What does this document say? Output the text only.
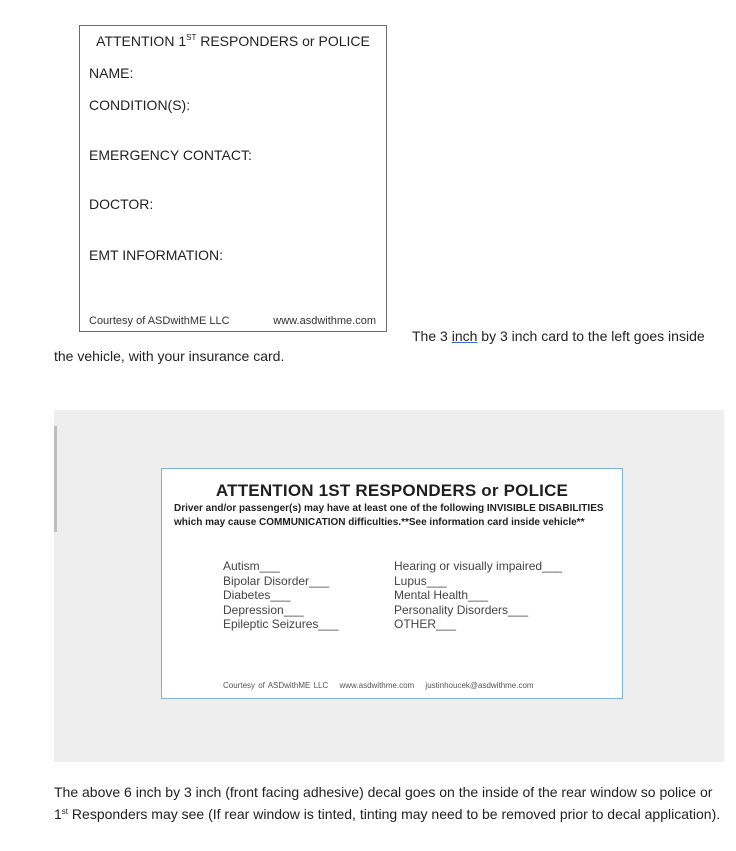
ATTENTION 1ST RESPONDERS or POLICE
NAME:
CONDITION(S):
EMERGENCY CONTACT:
DOCTOR:
EMT INFORMATION:
Courtesy of ASDwithME LLC	www.asdwithme.com
The 3 inch by 3 inch card to the left goes inside
the vehicle, with your insurance card.
ATTENTION 1ST RESPONDERS or POLICE
Driver and/or passenger(s) may have at least one of the following INVISIBLE DISABILITIES which may cause COMMUNICATION difficulties.**See information card inside vehicle**
Autism___
Bipolar Disorder___
Diabetes___
Depression___
Epileptic Seizures___
Hearing or visually impaired___
Lupus___
Mental Health___
Personality Disorders___
OTHER___
Courtesy of ASDwithME LLC www.asdwithme.com justinhoucek@asdwithme.com
The above 6 inch by 3 inch (front facing adhesive) decal goes on the inside of the rear window so police or 1st Responders may see (If rear window is tinted, tinting may need to be removed prior to decal application).
